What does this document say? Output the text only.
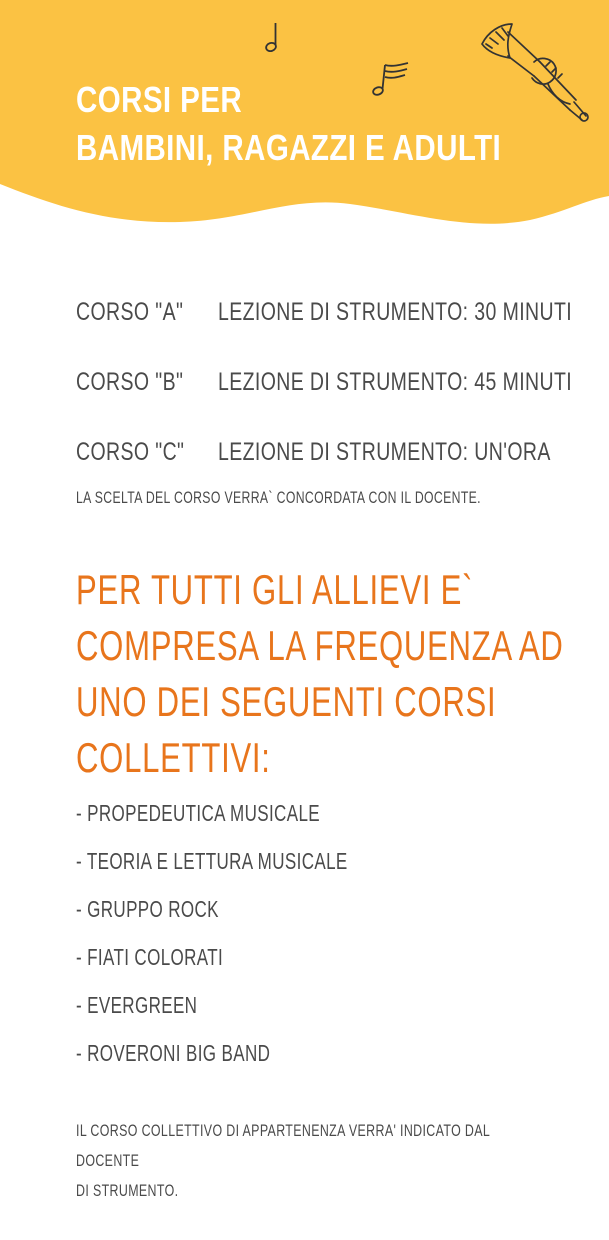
CORSI PER
BAMBINI, RAGAZZI E ADULTI
CORSO "A" LEZIONE DI STRUMENTO: 30 MINUTI
CORSO "B" LEZIONE DI STRUMENTO: 45 MINUTI
CORSO "C" LEZIONE DI STRUMENTO: UN'ORA
LA SCELTA DEL CORSO VERRA` CONCORDATA CON IL DOCENTE.
PER TUTTI GLI ALLIEVI E`
COMPRESA LA FREQUENZA AD
UNO DEI SEGUENTI CORSI
COLLETTIVI:
- PROPEDEUTICA MUSICALE
- TEORIA E LETTURA MUSICALE
- GRUPPO ROCK
- FIATI COLORATI
- EVERGREEN
- ROVERONI BIG BAND

IL CORSO COLLETTIVO DI APPARTENENZA VERRA' INDICATO DAL DOCENTE
DI STRUMENTO.
